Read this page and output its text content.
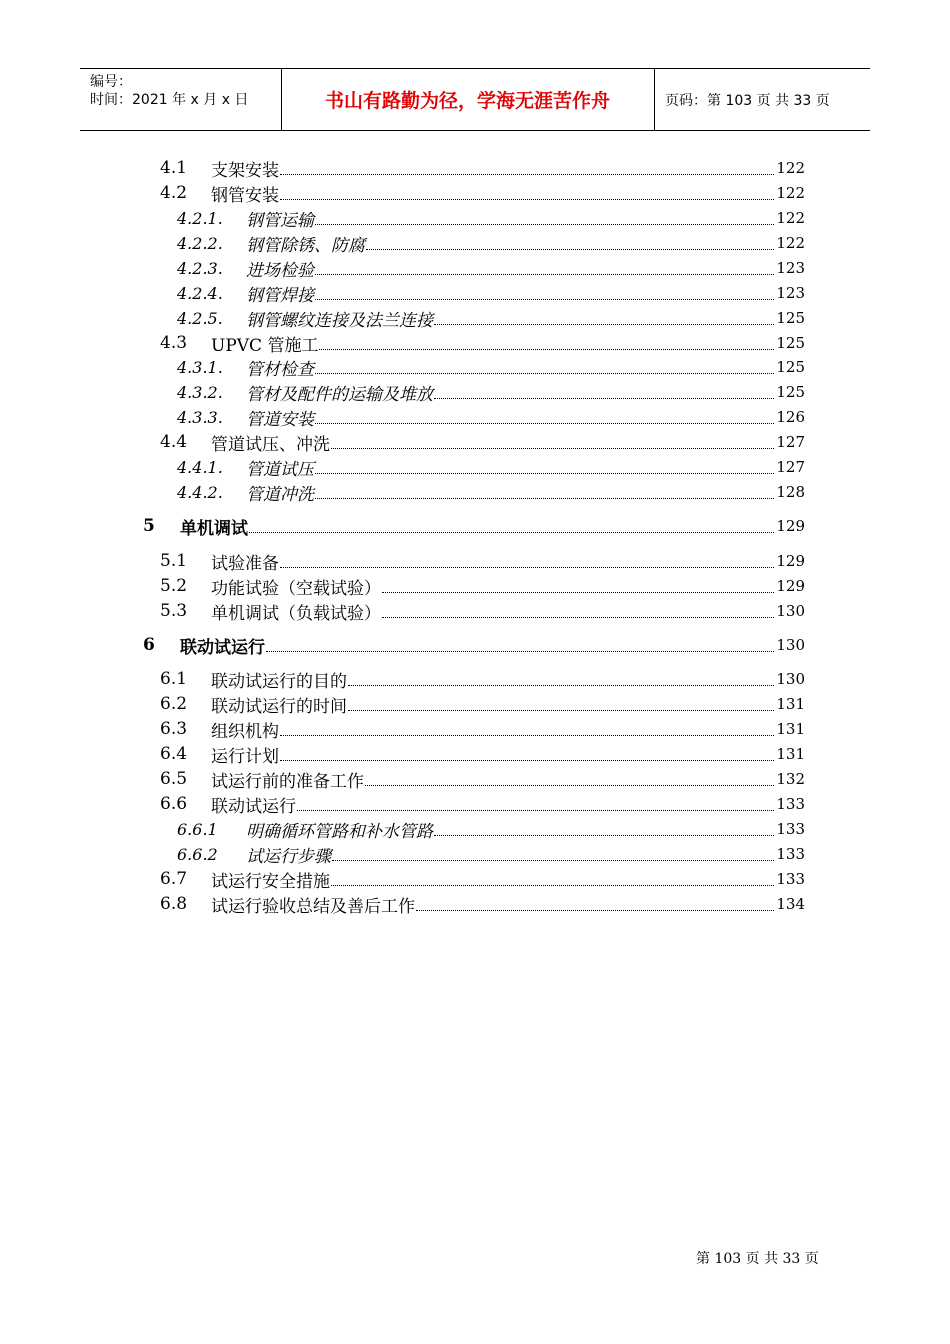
编号：
时间：2021 年 x 月 x 日	书山有路勤为径，学海无涯苦作舟	页码：第 103 页 共 33 页
4.1 支架安装	122
4.2 钢管安装	122
4.2.1. 钢管运输	122
4.2.2. 钢管除锈、防腐	122
4.2.3. 进场检验	123
4.2.4. 钢管焊接	123
4.2.5. 钢管螺纹连接及法兰连接	125
4.3 UPVC 管施工	125
4.3.1. 管材检查	125
4.3.2. 管材及配件的运输及堆放	125
4.3.3. 管道安装	126
4.4 管道试压、冲洗	127
4.4.1. 管道试压	127
4.4.2. 管道冲洗	128
5 单机调试	129
5.1 试验准备	129
5.2 功能试验（空载试验）	129
5.3 单机调试（负载试验）	130
6 联动试运行	130
6.1 联动试运行的目的	130
6.2 联动试运行的时间	131
6.3 组织机构	131
6.4 运行计划	131
6.5 试运行前的准备工作	132
6.6 联动试运行	133
6.6.1 明确循环管路和补水管路	133
6.6.2 试运行步骤	133
6.7 试运行安全措施	133
6.8 试运行验收总结及善后工作	134
第 103 页 共 33 页
